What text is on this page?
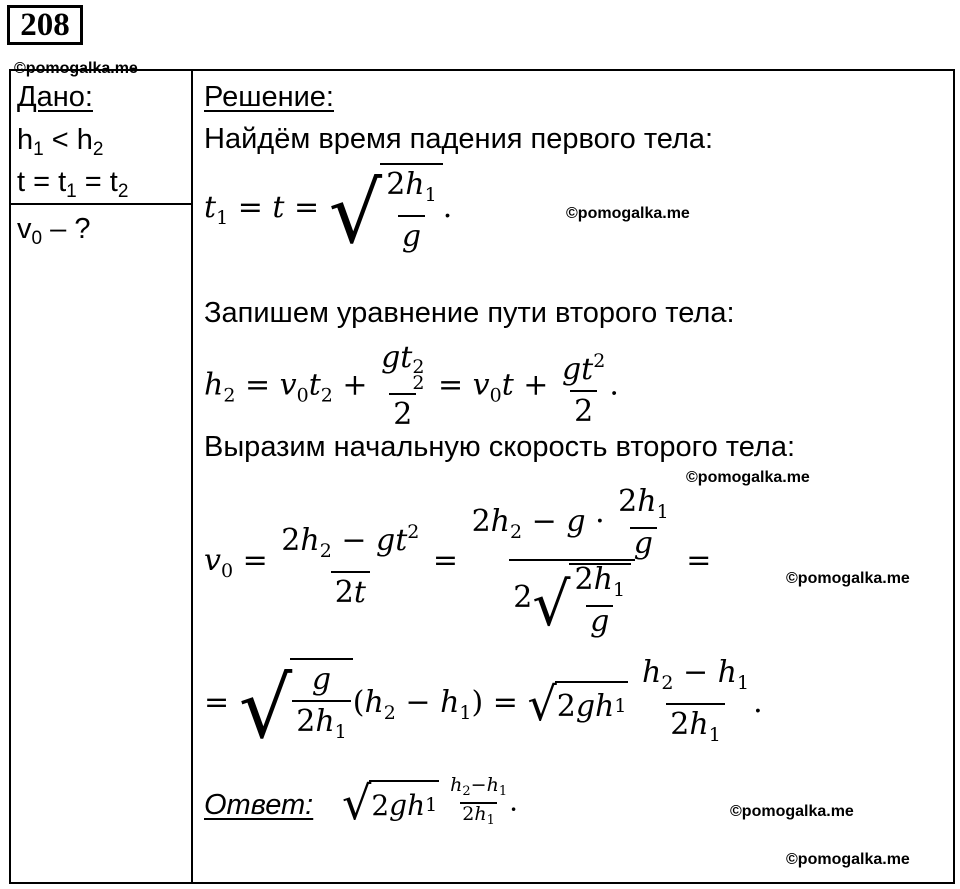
208
©pomogalka.me
Дано:
$h_1 < h_2$
$t = t_1 = t_2$
$v_0$ – ?
Решение:
Найдём время падения первого тела:
$t_1 = t$ = √ $2h_1$
g
.	©pomogalka.me
Запишем уравнение пути второго тела:
$h_2 = v_0t_2$ + gt 2
2
$2 = v_0t + \frac{gt^2}{2}$ .
Выразим начальную скорость второго тела:
©pomogalka.me
$v_0 = \frac{2h_2 - gt^2}{2t} = 2h_2 - g \cdot \frac{2h_1}{g}$
2 √ $2h_1$
g =
©pomogalka.me
= √ g
$2h_1$
$(h_2 - h_1)$ = √ 2 gh 1
$\frac{h_2 - h_1}{2h_1}$ .
Ответ: √ 2 gh 1
$\frac{h_2-h_1}{2h_1}$ .	©pomogalka.me
©pomogalka.me
